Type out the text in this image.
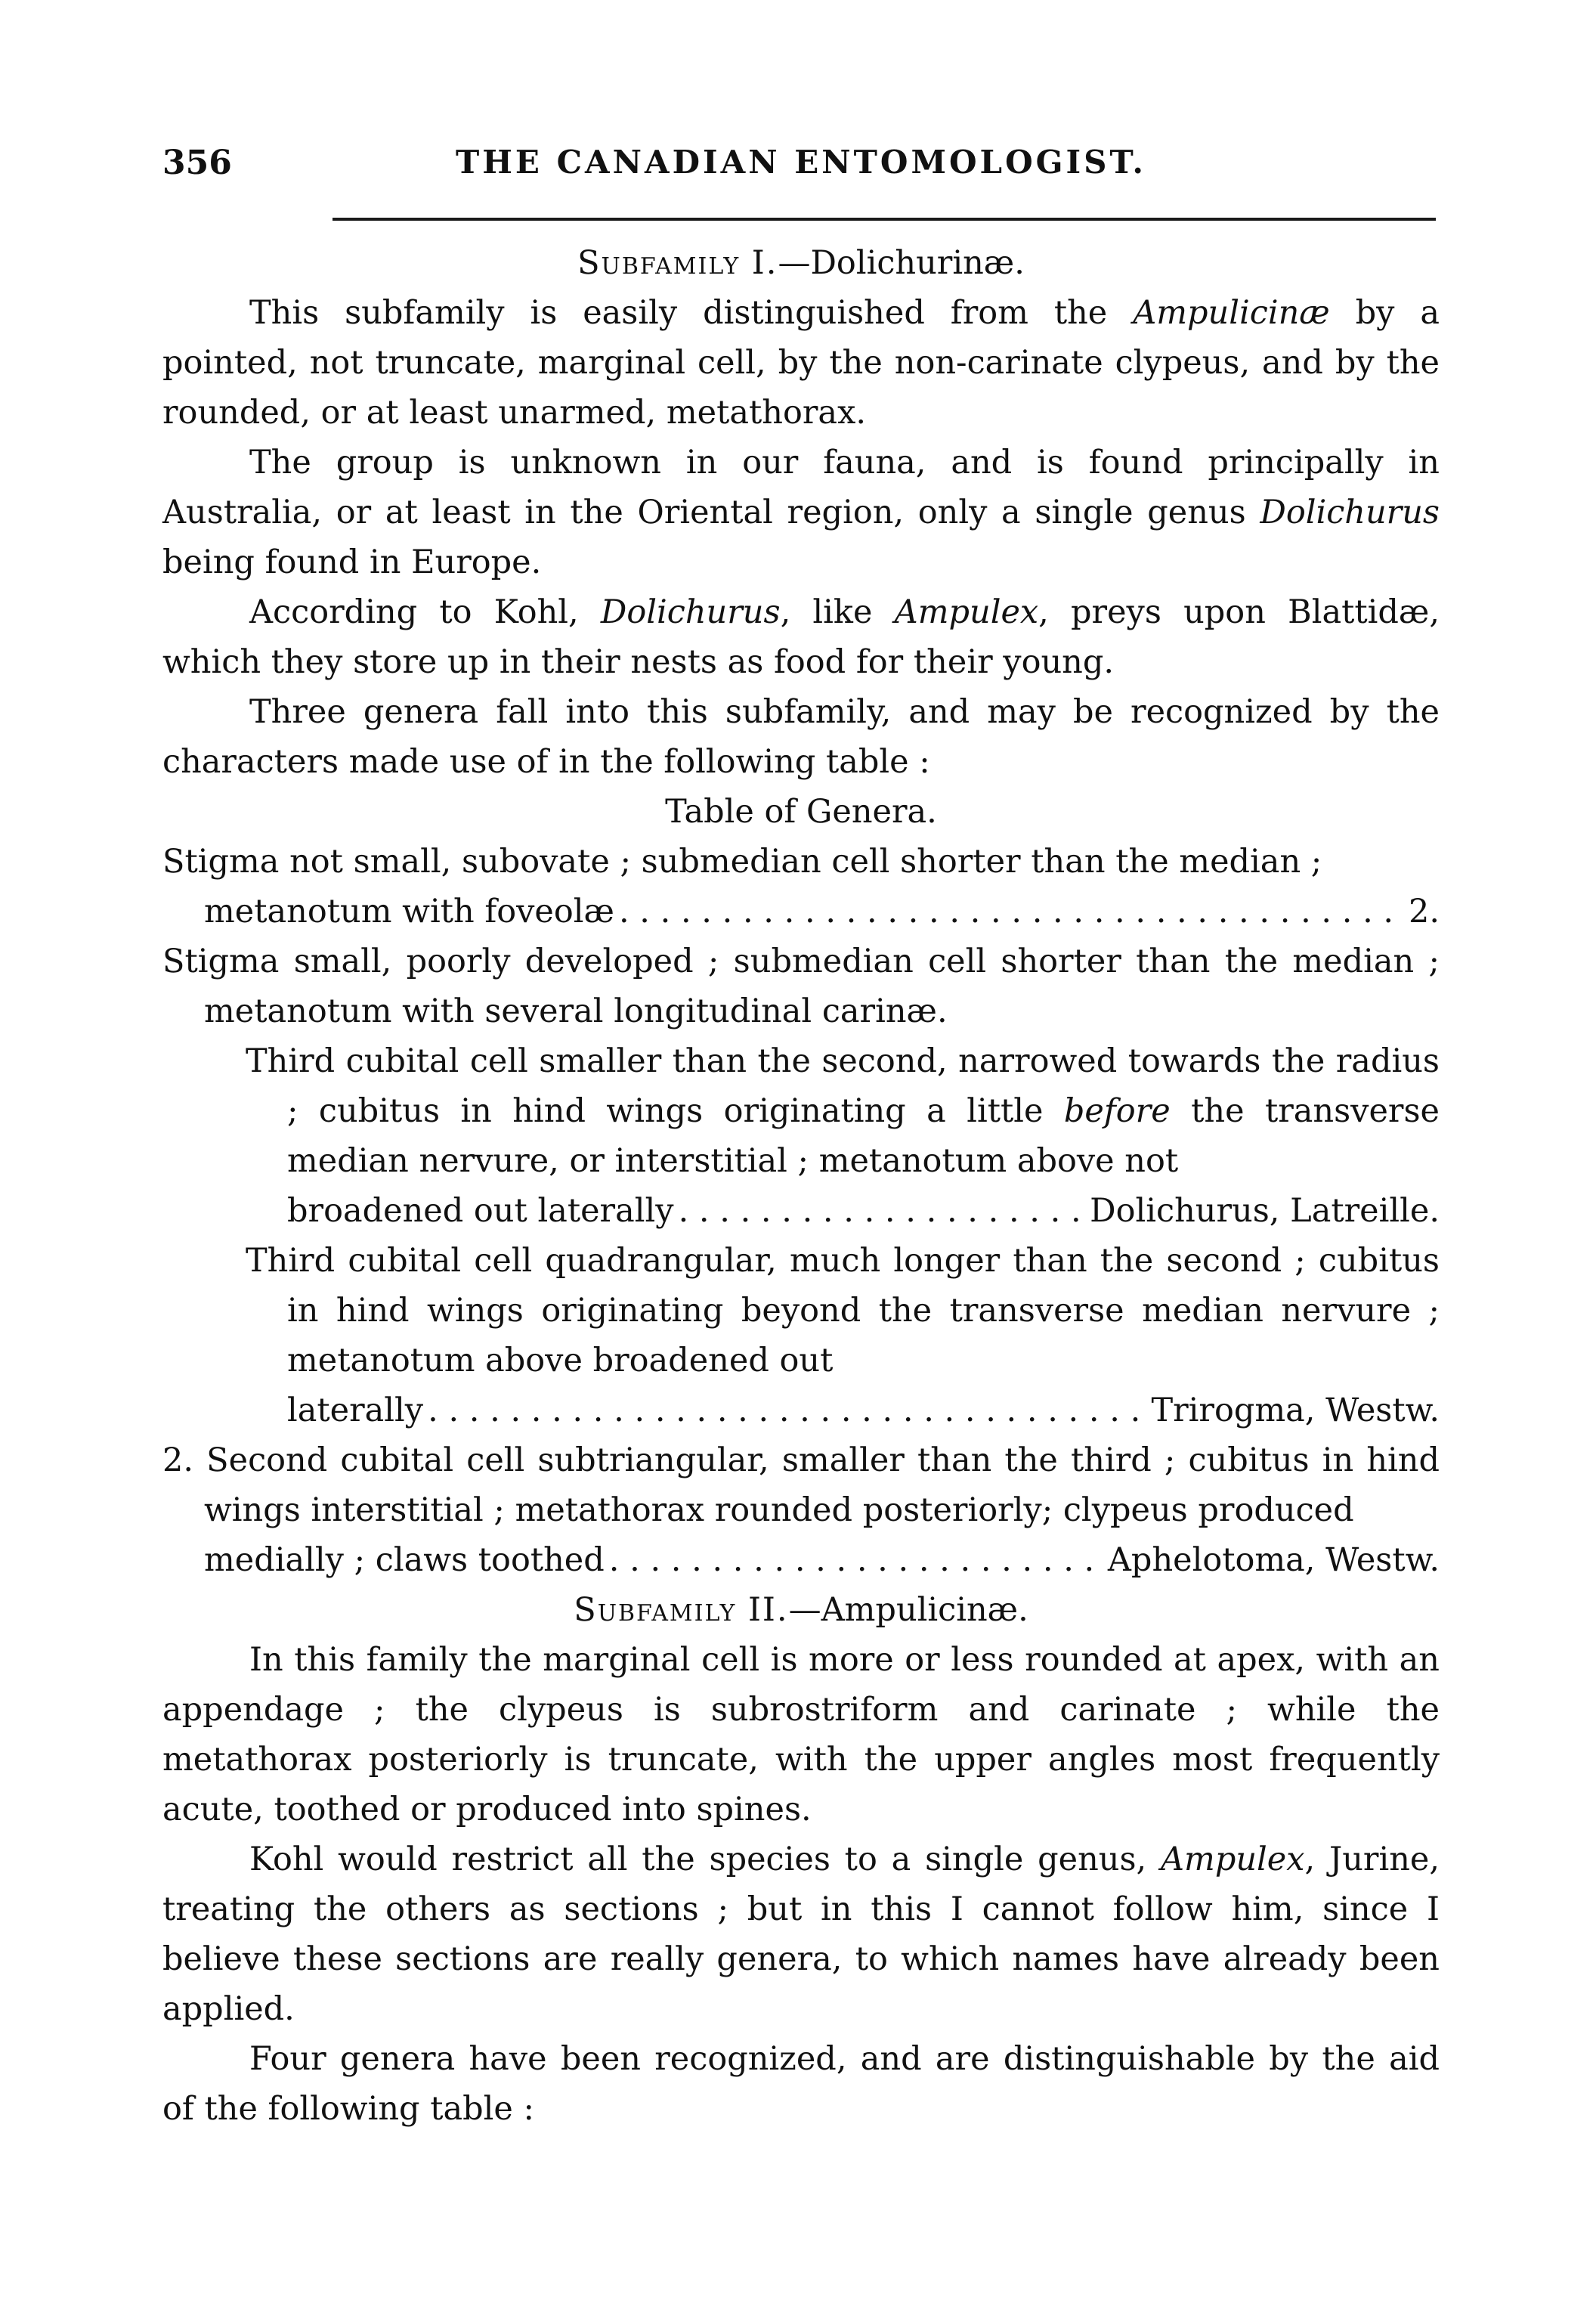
356	THE CANADIAN ENTOMOLOGIST.

Subfamily I.—Dolichurinæ.

This subfamily is easily distinguished from the Ampulicinæ by a pointed, not truncate, marginal cell, by the non-carinate clypeus, and by the rounded, or at least unarmed, metathorax.

The group is unknown in our fauna, and is found principally in Australia, or at least in the Oriental region, only a single genus Dolichurus being found in Europe.

According to Kohl, Dolichurus, like Ampulex, preys upon Blattidæ, which they store up in their nests as food for their young.

Three genera fall into this subfamily, and may be recognized by the characters made use of in the following table :

Table of Genera.

Stigma not small, subovate ; submedian cell shorter than the median ;
metanotum with foveolæ . . .	2.

Stigma small, poorly developed ; submedian cell shorter than the median ; metanotum with several longitudinal carinæ.

Third cubital cell smaller than the second, narrowed towards the radius ; cubitus in hind wings originating a little before the transverse median nervure, or interstitial ; metanotum above not
broadened out laterally . . .	Dolichurus, Latreille.
Third cubital cell quadrangular, much longer than the second ; cubitus in hind wings originating beyond the transverse median nervure ; metanotum above broadened out
laterally . . .	Trirogma, Westw.
2. Second cubital cell subtriangular, smaller than the third ; cubitus in hind wings interstitial ; metathorax rounded posteriorly; clypeus produced
medially ; claws toothed . . .	Aphelotoma, Westw.

Subfamily II.—Ampulicinæ.

In this family the marginal cell is more or less rounded at apex, with an appendage ; the clypeus is subrostriform and carinate ; while the metathorax posteriorly is truncate, with the upper angles most frequently acute, toothed or produced into spines.

Kohl would restrict all the species to a single genus, Ampulex, Jurine, treating the others as sections ; but in this I cannot follow him, since I believe these sections are really genera, to which names have already been applied.

Four genera have been recognized, and are distinguishable by the aid of the following table :
